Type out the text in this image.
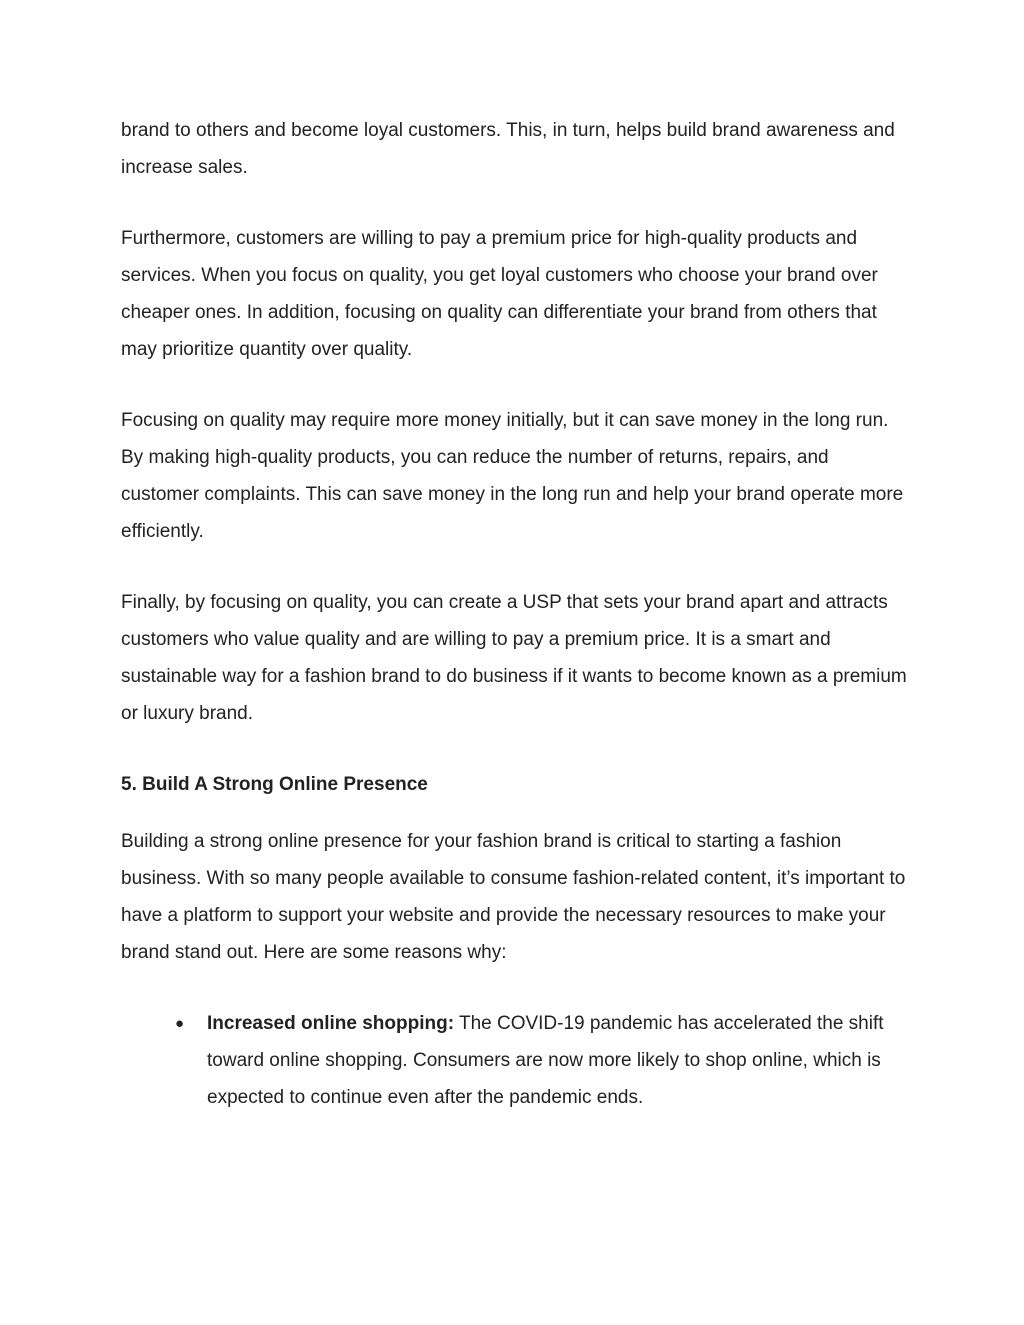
brand to others and become loyal customers. This, in turn, helps build brand awareness and increase sales.

Furthermore, customers are willing to pay a premium price for high-quality products and services. When you focus on quality, you get loyal customers who choose your brand over cheaper ones. In addition, focusing on quality can differentiate your brand from others that may prioritize quantity over quality.

Focusing on quality may require more money initially, but it can save money in the long run. By making high-quality products, you can reduce the number of returns, repairs, and customer complaints. This can save money in the long run and help your brand operate more efficiently.

Finally, by focusing on quality, you can create a USP that sets your brand apart and attracts customers who value quality and are willing to pay a premium price. It is a smart and sustainable way for a fashion brand to do business if it wants to become known as a premium or luxury brand.

5. Build A Strong Online Presence

Building a strong online presence for your fashion brand is critical to starting a fashion business. With so many people available to consume fashion-related content, it’s important to have a platform to support your website and provide the necessary resources to make your brand stand out. Here are some reasons why:

● Increased online shopping: The COVID-19 pandemic has accelerated the shift toward online shopping. Consumers are now more likely to shop online, which is expected to continue even after the pandemic ends.
